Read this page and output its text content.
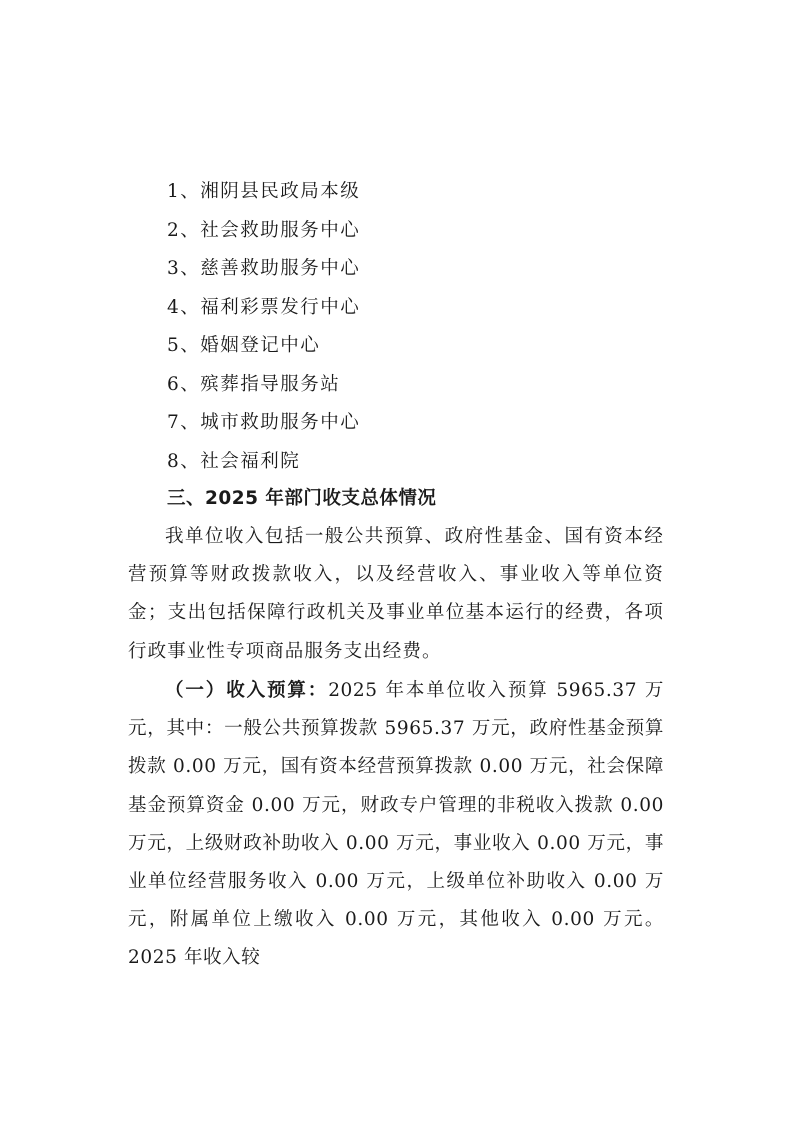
1、湘阴县民政局本级
2、社会救助服务中心
3、慈善救助服务中心
4、福利彩票发行中心
5、婚姻登记中心
6、殡葬指导服务站
7、城市救助服务中心
8、社会福利院
三、2025 年部门收支总体情况

我单位收入包括一般公共预算、政府性基金、国有资本经营预算等财政拨款收入，以及经营收入、事业收入等单位资金；支出包括保障行政机关及事业单位基本运行的经费，各项行政事业性专项商品服务支出经费。

（一）收入预算：2025 年本单位收入预算 5965.37 万元，其中：一般公共预算拨款 5965.37 万元，政府性基金预算拨款 0.00 万元，国有资本经营预算拨款 0.00 万元，社会保障基金预算资金 0.00 万元，财政专户管理的非税收入拨款 0.00 万元，上级财政补助收入 0.00 万元，事业收入 0.00 万元，事业单位经营服务收入 0.00 万元，上级单位补助收入 0.00 万元，附属单位上缴收入 0.00 万元，其他收入 0.00 万元。2025 年收入较
